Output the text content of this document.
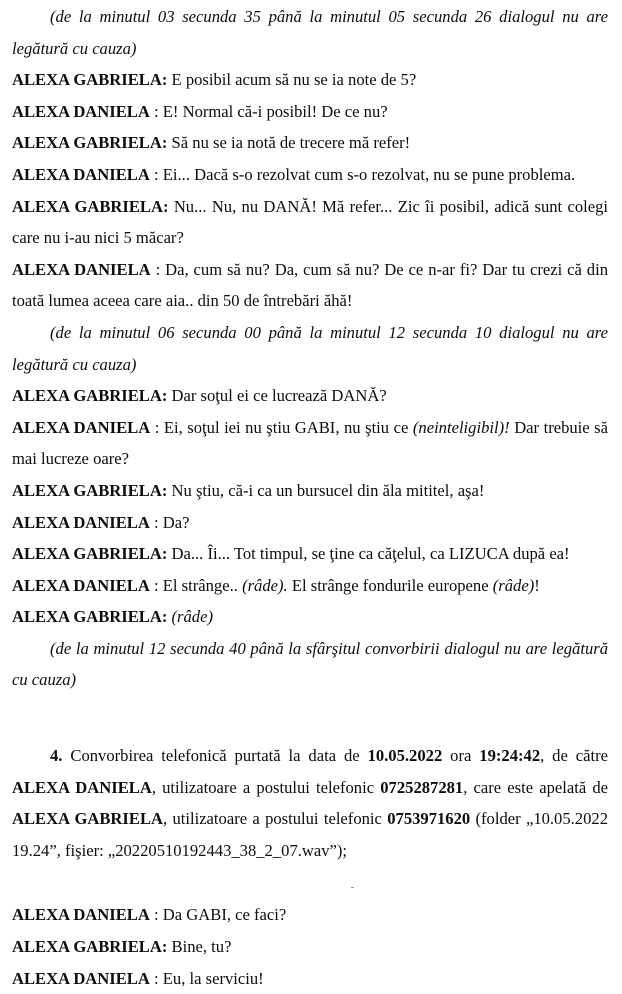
(de la minutul 03 secunda 35 până la minutul 05 secunda 26 dialogul nu are legătură cu cauza)

ALEXA GABRIELA: E posibil acum să nu se ia note de 5?

ALEXA DANIELA : E! Normal că-i posibil! De ce nu?

ALEXA GABRIELA: Să nu se ia notă de trecere mă refer!

ALEXA DANIELA : Ei... Dacă s-o rezolvat cum s-o rezolvat, nu se pune problema.

ALEXA GABRIELA: Nu... Nu, nu DANĂ! Mă refer... Zic îi posibil, adică sunt colegi care nu i-au nici 5 măcar?

ALEXA DANIELA : Da, cum să nu? Da, cum să nu? De ce n-ar fi? Dar tu crezi că din toată lumea aceea care aia.. din 50 de întrebări ăhă!

(de la minutul 06 secunda 00 până la minutul 12 secunda 10 dialogul nu are legătură cu cauza)

ALEXA GABRIELA: Dar soţul ei ce lucrează DANĂ?

ALEXA DANIELA : Ei, soţul iei nu ştiu GABI, nu ştiu ce (neinteligibil)! Dar trebuie să mai lucreze oare?

ALEXA GABRIELA: Nu ştiu, că-i ca un bursucel din ăla mititel, aşa!

ALEXA DANIELA : Da?

ALEXA GABRIELA: Da... Îi... Tot timpul, se ţine ca căţelul, ca LIZUCA după ea!

ALEXA DANIELA : El strânge.. (râde). El strânge fondurile europene (râde)!

ALEXA GABRIELA: (râde)

(de la minutul 12 secunda 40 până la sfârşitul convorbirii dialogul nu are legătură cu cauza)

4. Convorbirea telefonică purtată la data de 10.05.2022 ora 19:24:42, de către ALEXA DANIELA, utilizatoare a postului telefonic 0725287281, care este apelată de ALEXA GABRIELA, utilizatoare a postului telefonic 0753971620 (folder „10.05.2022 19.24”, fişier: „20220510192443_38_2_07.wav”);

ALEXA DANIELA : Da GABI, ce faci?

ALEXA GABRIELA: Bine, tu?

ALEXA DANIELA : Eu, la serviciu!
